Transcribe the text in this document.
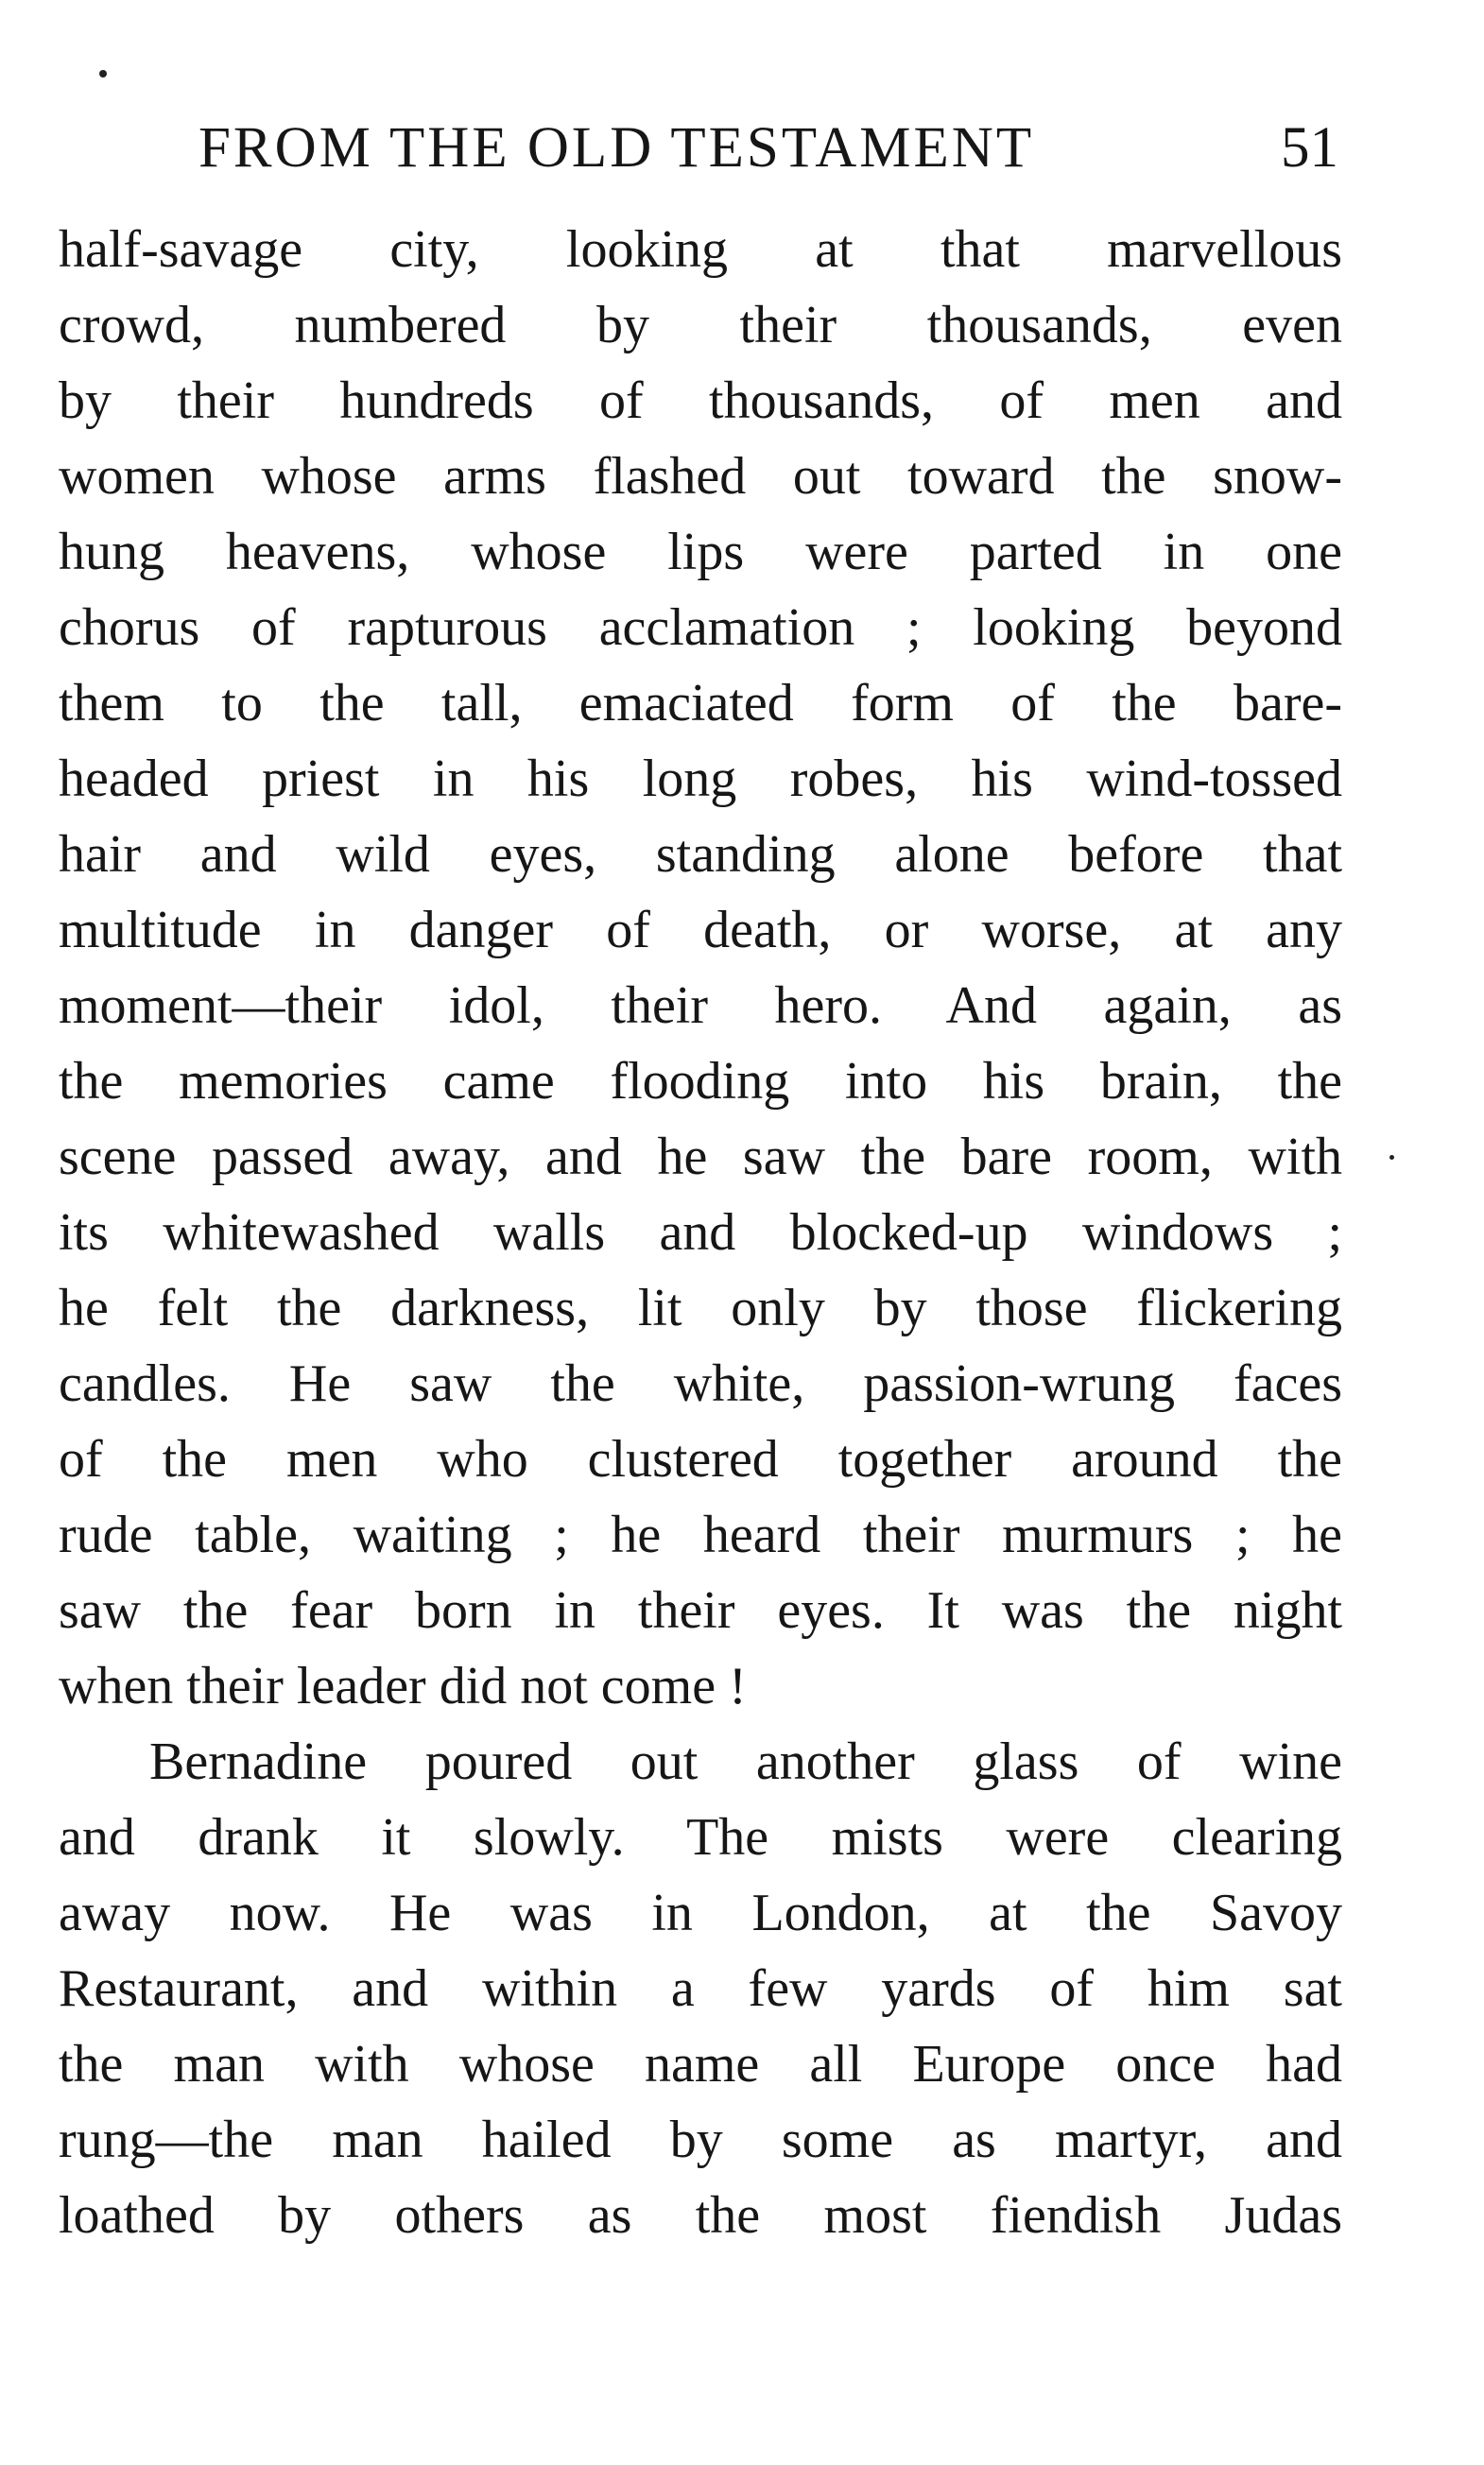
FROM THE OLD TESTAMENT	51
half-savage city, looking at that marvellous
crowd, numbered by their thousands, even
by their hundreds of thousands, of men and
women whose arms flashed out toward the snow-
hung heavens, whose lips were parted in one
chorus of rapturous acclamation ; looking beyond
them to the tall, emaciated form of the bare-
headed priest in his long robes, his wind-tossed
hair and wild eyes, standing alone before that
multitude in danger of death, or worse, at any
moment—their idol, their hero. And again, as
the memories came flooding into his brain, the
scene passed away, and he saw the bare room, with
its whitewashed walls and blocked-up windows ;
he felt the darkness, lit only by those flickering
candles. He saw the white, passion-wrung faces
of the men who clustered together around the
rude table, waiting ; he heard their murmurs ; he
saw the fear born in their eyes. It was the night
when their leader did not come !
Bernadine poured out another glass of wine
and drank it slowly. The mists were clearing
away now. He was in London, at the Savoy
Restaurant, and within a few yards of him sat
the man with whose name all Europe once had
rung—the man hailed by some as martyr, and
loathed by others as the most fiendish Judas
